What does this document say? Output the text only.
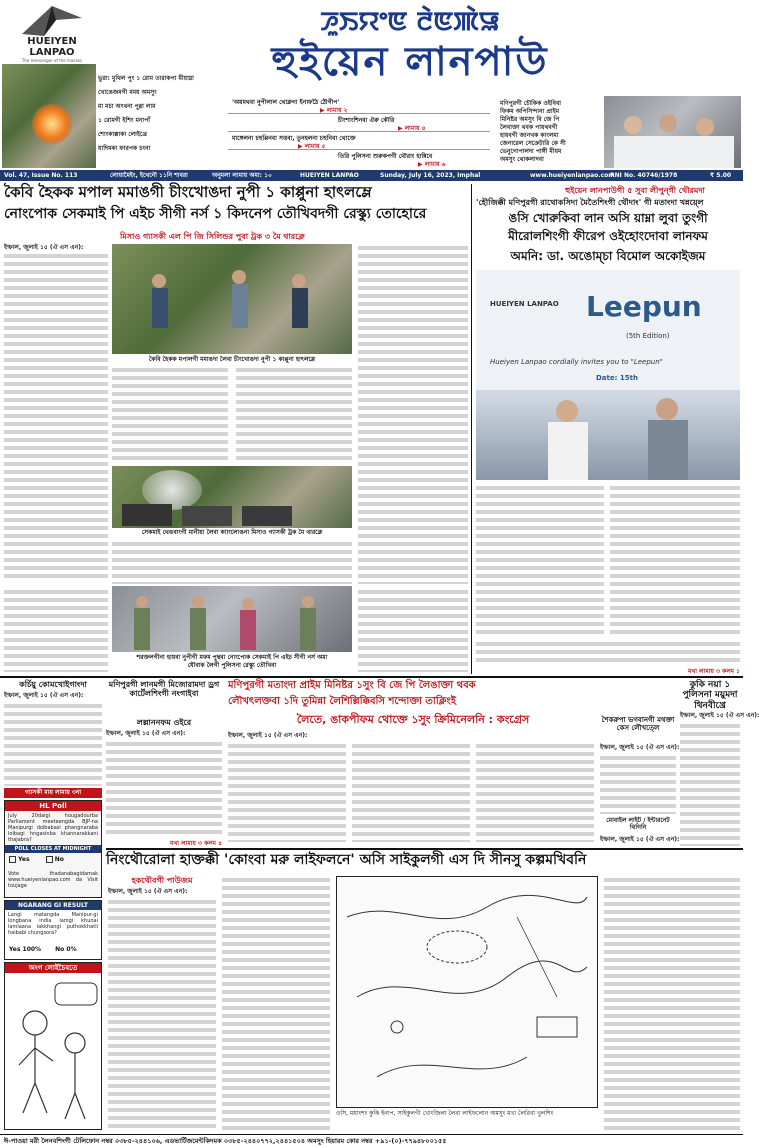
HUEIYEN
LANPAO
The messenger of the masses
ꯍꯨꯏꯌꯦꯟ ꯂꯥꯟꯄꯥꯎ
হুইয়েন লানপাউ
ভুরা: মুথিল পুং ১ রোম তারাকপা মীয়াম্না
খোঙেজমগী মময় অমসুং
মা মচা অংথনা পুগ্গা লাম
১ রোমগী ইশিং মনাপাঁ
শোংকাল্লাকা লোইখ্রে
যাদিমকা ফারপক চংনা
'অয়মথবা নুপীলাল থোক্লগা ইনাফঠৈ ঠৌগীপ'
▶ লামায় ২
চীংশাংশিনবা ঐরু কৌরি
▶ লামায় ৪
মাঙ্গেলনা চহুপ্পিনবা সত্তবা, তুনহলনা চহুনিবা থোক্তে
▶ লামায় ৫
তিরি পুলিসনা শুরুকপগী থৌরাং হান্নিবে
▶ লামায় ৬
মণিপুরগী চৌকিক ওইবিবা
ফিকম অপিসিন্দানা প্রাইম
মিনিষ্টর অমসুং বি জে পি
লৈবাক্তা থবক পায়থবগী
হায়বগী জানখক কাংলমা
জেনারেল সেক্রেটারি কে সী
ভেনুগোপালদা পাঙ্গী মীয়ম
অমসুং থোকলাদবা
Vol. 47, Issue No. 113	লোয়ামৈইং, ইথেনৌ ১১নি শাবরা	অনুমলা লামায় অমা: ১০	HUEIYEN LANPAO	Sunday, July 16, 2023, Imphal	www.hueiyenlanpao.com
RNI No. 40746/1978	₹ 5.00
কৈবি হৈকক মপাল মমাঙগী চীংখোঙদা নুপী ১ কাপ্পুনা হাৎলম্লে
নোংপোক সেকমাই পি এইচ সীগী নর্স ১ কিদনেপ তৌখিবদগী রেস্ক্যু তোহোরে
মিসাও গ্যাসকী এল পি জি সিলিন্ডর পুবা ট্রক ৩ মৈ থারক্লে
ইম্ফাল, জুলাই ১৫ (ঐ এস এন):
কৈবি হৈকক মপালগী মমাঙদা লৈবা চীংখোঙদা নুপী ১ কাপ্পুনা হাৎলম্লে
সেকমাই থেঙবাংগী মানীয়া লৈবা ক্যাংলোঙনা মিসাও গ্যাসকী ট্রক মৈ থারক্লে
শরক্তলগীনা হায়বা নুপীগী মফম পুন্থবা নোংপোক সেকমাই পি এইচ সীগী নর্স অমা
যৌবাক লৈগী পুলিসনা রেস্ক্যু তৌখিবা
হুইয়েন লানপাউগী ৫ সুবা লীপুন্গী থৌরমদা
'হৌজিক্কী মণিপুরগী রাথোকসিদা মৈতৈশিংগী থৌদাং' গী মতাংদা খন্নয়্লে
ঙসি খোরুকিবা লান অসি য়াম্না লুবা তুংগী
মীরোলশিংগী ফীরেপ ওইহোংদোবা লানফম
অমনি: ডা. অঙোম্চা বিমোল অকোইজম
HUEIYEN LANPAO Leepun
(5th Edition)
Hueiyen Lanpao cordially invites you to "Leepun"
Date: 15th
মখা লামায় ৩ কলম ১
কর্চিয়ু কোমখোইগাংদা
ইম্ফাল, জুলাই ১৫ (ঐ এস এন):
গ্যাসকী মায় লামায় ৩না
HL Poll
July 20daigi hougadourba Parliament meeteengda BJP-na Manipurgi dolbabasi phangnaraba loibagi hngasinba khannarakkani thajabra?
POLL CLOSES AT MIDNIGHT
Yes	No
Vote thadanabagidamak www.hueiyenlanpao.com da Visit toujage
NGARANG GI RESULT
Langi matangda Manipur-gi longbana india lamgi khunai lamlaana lakkhangi puthokkhatli haibabi chungsora?
Yes 100% No 0%
অংগ লোইচৈবতে
মণিপুরগী লানমগী মিজোরামদা ড্রগ কার্টেলশিংগী নংগাইবা
লল্লাননফম ওইরে
ইম্ফাল, জুলাই ১৫ (ঐ এস এন):
মখা লামায় ৩ কলম ৪
মণিপুরগী মতাংদা প্রাইম মিনিষ্টর ১সুং বি জে পি লৈঙাক্তা থবক
লৌখৎলক্তবা ১দি তুমিন্না লৈশিল্লিক্কিবসি শন্দোক্তা তাক্লিংই
লৈতে, ঙাকপীফম থোক্তে ১সুং ক্রিমিনেলনি : কংগ্রেস
ইম্ফাল, জুলাই ১৫ (ঐ এস এন):
শৈকরুপা ভগবানগী মথক্তা কেস লৌখত্লে
ইম্ফাল, জুলাই ১৫ (ঐ এস এন):
মোবাইল লাইট / ইন্টারনেট থিগিনি
ইম্ফাল, জুলাই ১৫ (ঐ এস এন):
কুকি নয়া ১ পুলিসনা ময়ুমদা থিনবীখ্রে
ইম্ফাল, জুলাই ১৫ (ঐ এস এন):
নিংথৌরোলা হাক্তক্কী 'কোংবা মরু লাইফলনে' অসি সাইকুলগী এস দি সীনসু কল্পমখিবনি
হকথৌবগী পাউজম
ইম্ফাল, জুলাই ১৫ (ঐ এস এন):
ওসি, ময়াংশং কুকি ইনাপ, সাইকুলগী খোংজিলা লৈবা লাইফলোন অমসুং মখা লৈরিবা খুলশিং
ঈ-পাওয়া মরী লৈনবশিংগী টেলিফোন নম্বর ০৩৮৫-২৪৪১০৬, এডভার্টিজমেন্টকিদমক ০৩৮৫-২৪৪০৭৭২,২৪৪১৫০৪ অমসুং হিয়ারম কোর নম্বর +৯১-(০)-৭৭৯৪৮০০১৫৫
